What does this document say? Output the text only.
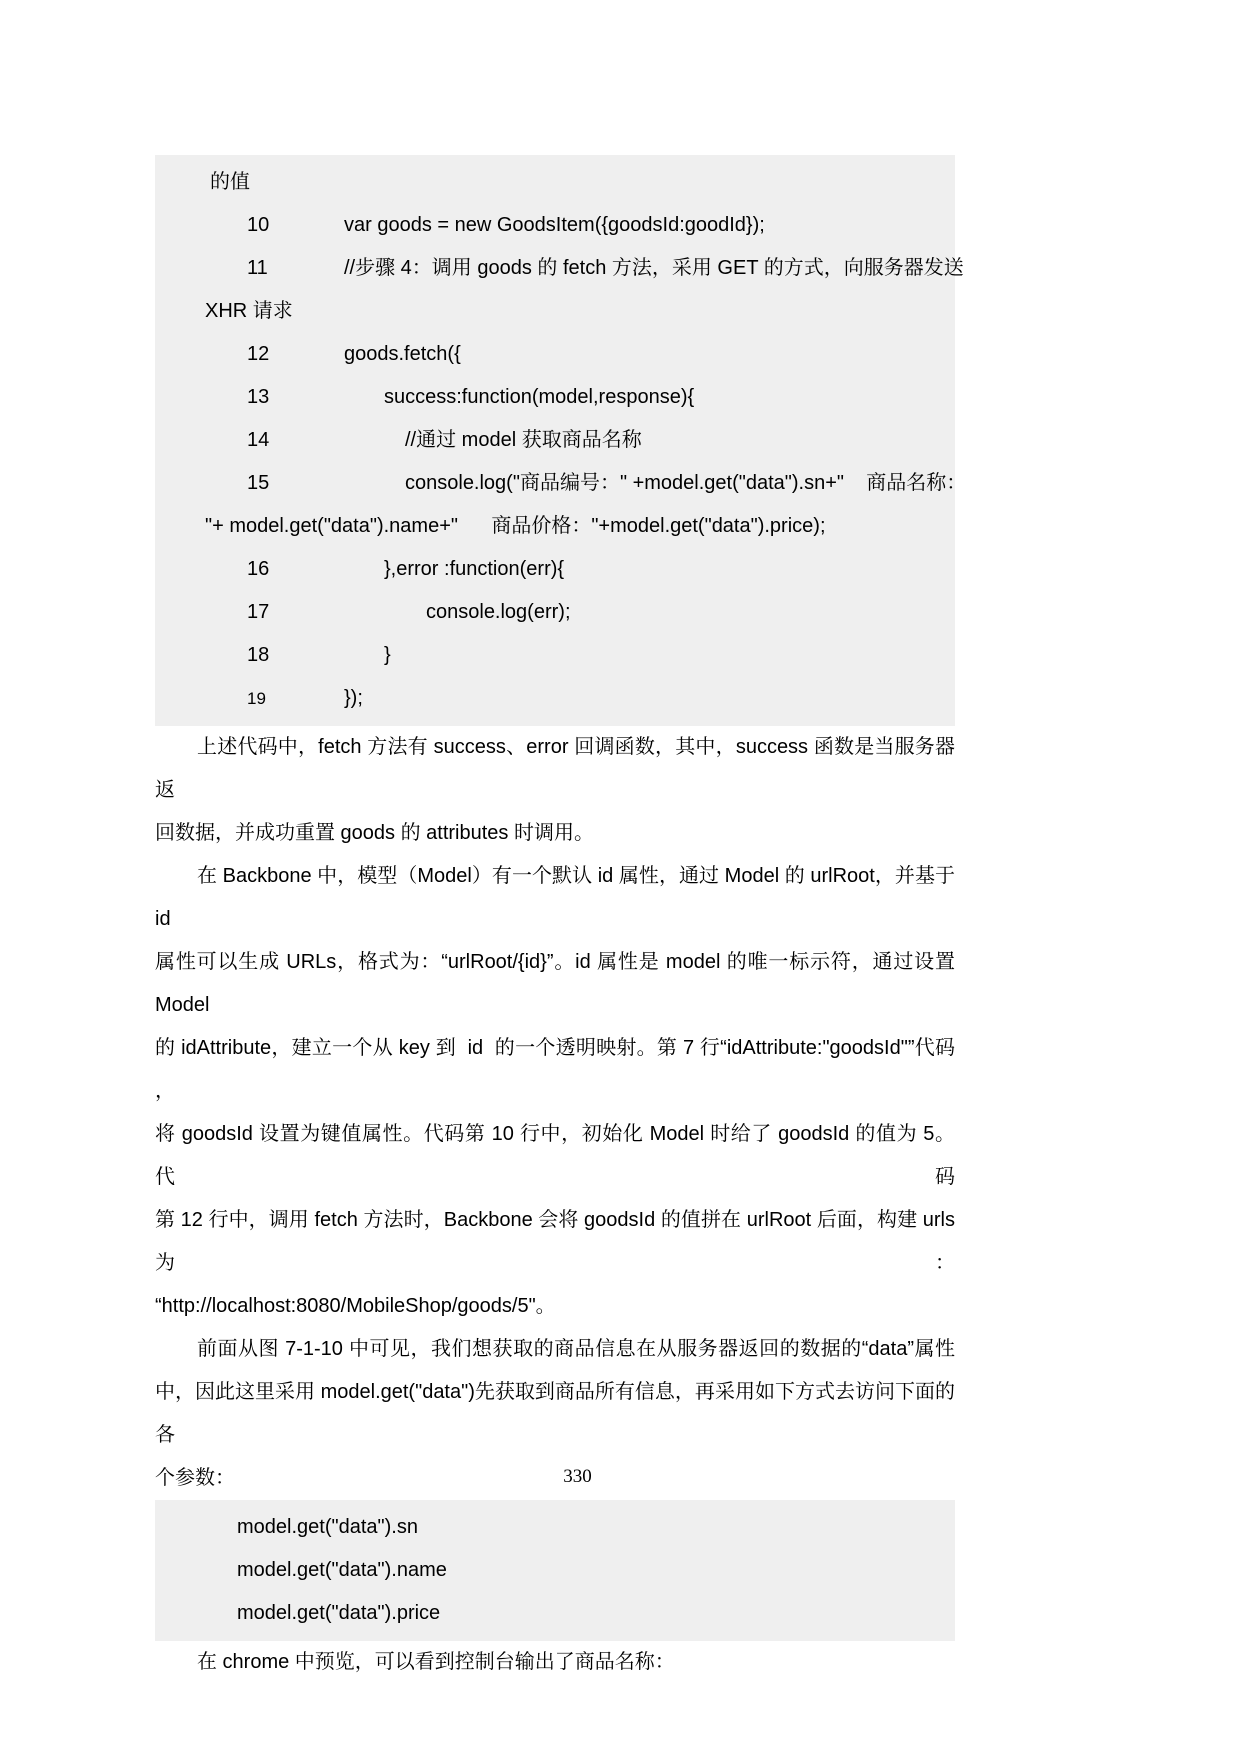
的值
10	var goods = new GoodsItem({goodsId:goodId});
11	//步骤 4：调用 goods 的 fetch 方法，采用 GET 的方式，向服务器发送
XHR 请求
12	goods.fetch({
13	success:function(model,response){
14	//通过 model 获取商品名称
15	console.log("商品编号：" +model.get("data").sn+"    商品名称：
"+ model.get("data").name+"      商品价格："+model.get("data").price);
16	},error :function(err){
17	console.log(err);
18	}
19	});
上述代码中，fetch 方法有 success、error 回调函数，其中，success 函数是当服务器返
回数据，并成功重置 goods 的 attributes 时调用。
在 Backbone 中，模型（Model）有一个默认 id 属性，通过 Model 的 urlRoot，并基于 id
属性可以生成 URLs，格式为：“urlRoot/{id}”。id 属性是 model 的唯一标示符，通过设置 Model
的 idAttribute，建立一个从 key 到  id  的一个透明映射。第 7 行“idAttribute:"goodsId"”代码 ，
将 goodsId 设置为键值属性。代码第 10 行中，初始化 Model 时给了 goodsId 的值为 5。代码
第 12 行中，调用 fetch 方法时，Backbone 会将 goodsId 的值拼在 urlRoot 后面，构建 urls 为：
“http://localhost:8080/MobileShop/goods/5"。
前面从图 7-1-10 中可见，我们想获取的商品信息在从服务器返回的数据的“data”属性
中，因此这里采用 model.get("data")先获取到商品所有信息，再采用如下方式去访问下面的各
个参数：
model.get("data").sn
model.get("data").name
model.get("data").price
在 chrome 中预览，可以看到控制台输出了商品名称：
330
